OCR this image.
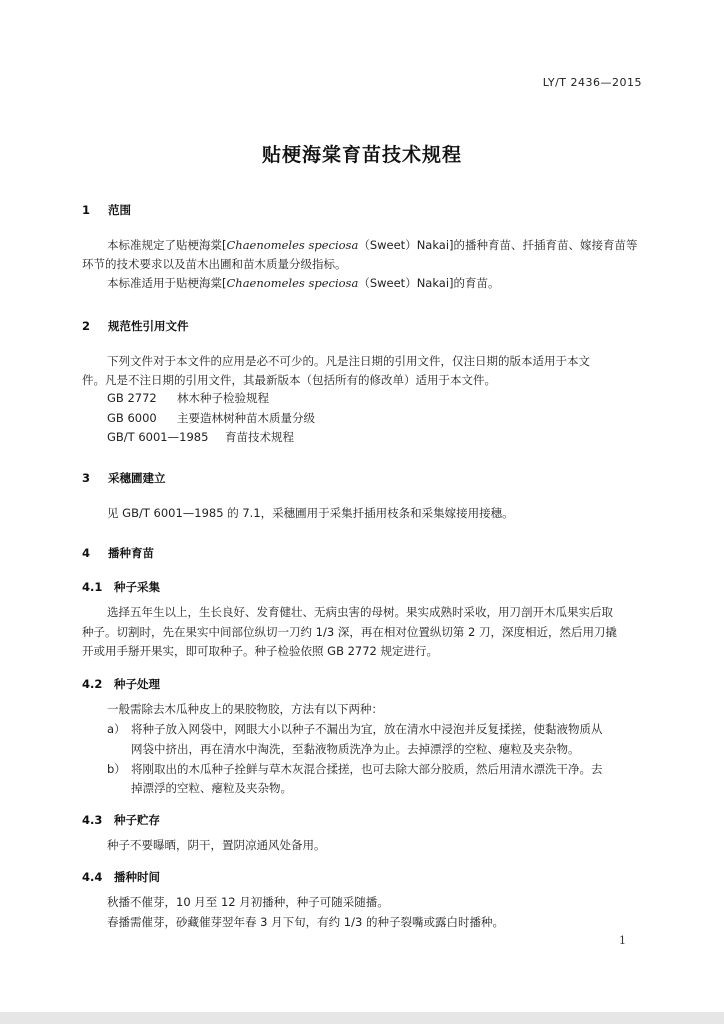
LY/T 2436—2015
贴梗海棠育苗技术规程
1 范围
本标准规定了贴梗海棠[Chaenomeles speciosa（Sweet）Nakai]的播种育苗、扦插育苗、嫁接育苗等
环节的技术要求以及苗木出圃和苗木质量分级指标。
本标准适用于贴梗海棠[Chaenomeles speciosa（Sweet）Nakai]的育苗。
2 规范性引用文件
下列文件对于本文件的应用是必不可少的。凡是注日期的引用文件，仅注日期的版本适用于本文
件。凡是不注日期的引用文件，其最新版本（包括所有的修改单）适用于本文件。
GB 2772 林木种子检验规程
GB 6000 主要造林树种苗木质量分级
GB/T 6001—1985 育苗技术规程
3 采穗圃建立
见 GB/T 6001—1985 的 7.1，采穗圃用于采集扦插用枝条和采集嫁接用接穗。
4 播种育苗
4.1 种子采集
选择五年生以上，生长良好、发育健壮、无病虫害的母树。果实成熟时采收，用刀剖开木瓜果实后取
种子。切割时，先在果实中间部位纵切一刀约 1/3 深，再在相对位置纵切第 2 刀，深度相近，然后用刀撬
开或用手掰开果实，即可取种子。种子检验依照 GB 2772 规定进行。
4.2 种子处理
一般需除去木瓜种皮上的果胶物胶，方法有以下两种：
a） 将种子放入网袋中，网眼大小以种子不漏出为宜，放在清水中浸泡并反复揉搓，使黏液物质从
网袋中挤出，再在清水中淘洗，至黏液物质洗净为止。去掉漂浮的空粒、瘪粒及夹杂物。
b） 将刚取出的木瓜种子拴鲜与草木灰混合揉搓，也可去除大部分胶质，然后用清水漂洗干净。去
掉漂浮的空粒、瘪粒及夹杂物。
4.3 种子贮存
种子不要曝晒，阴干，置阴凉通风处备用。
4.4 播种时间
秋播不催芽，10 月至 12 月初播种，种子可随采随播。
春播需催芽，砂藏催芽翌年春 3 月下旬，有约 1/3 的种子裂嘴或露白时播种。
1
